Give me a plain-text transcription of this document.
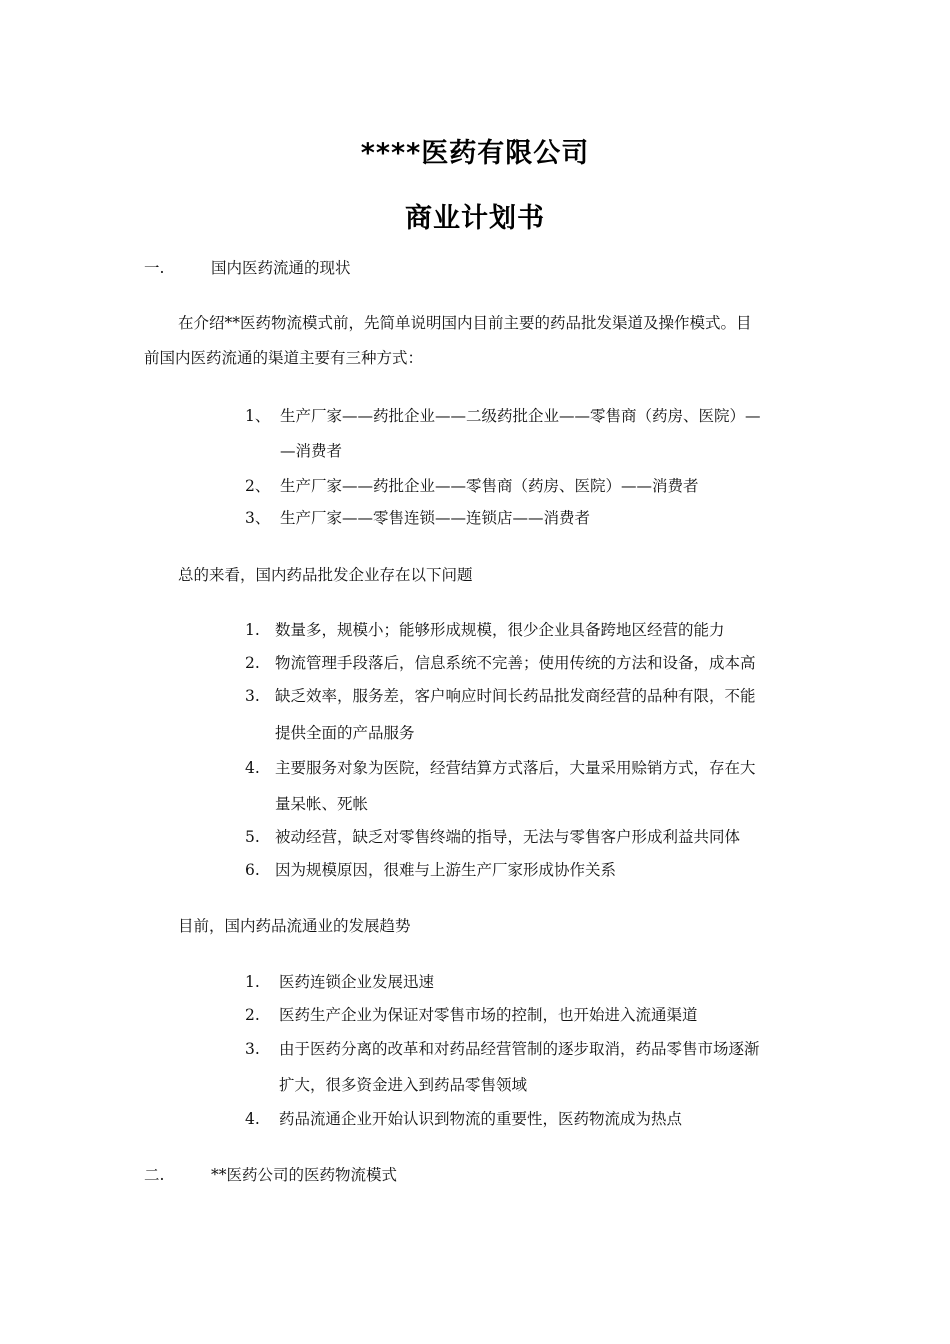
****医药有限公司
商业计划书
一.	国内医药流通的现状
在介绍**医药物流模式前，先简单说明国内目前主要的药品批发渠道及操作模式。目
前国内医药流通的渠道主要有三种方式：
1、 生产厂家——药批企业——二级药批企业——零售商（药房、医院）—
—消费者
2、 生产厂家——药批企业——零售商（药房、医院）——消费者
3、 生产厂家——零售连锁——连锁店——消费者
总的来看，国内药品批发企业存在以下问题
1. 数量多，规模小；能够形成规模，很少企业具备跨地区经营的能力
2. 物流管理手段落后，信息系统不完善；使用传统的方法和设备，成本高
3. 缺乏效率，服务差，客户响应时间长药品批发商经营的品种有限，不能
提供全面的产品服务
4. 主要服务对象为医院，经营结算方式落后，大量采用赊销方式，存在大
量呆帐、死帐
5. 被动经营，缺乏对零售终端的指导，无法与零售客户形成利益共同体
6. 因为规模原因，很难与上游生产厂家形成协作关系
目前，国内药品流通业的发展趋势
1. 医药连锁企业发展迅速
2. 医药生产企业为保证对零售市场的控制，也开始进入流通渠道
3. 由于医药分离的改革和对药品经营管制的逐步取消，药品零售市场逐渐
扩大，很多资金进入到药品零售领域
4. 药品流通企业开始认识到物流的重要性，医药物流成为热点
二.	**医药公司的医药物流模式
